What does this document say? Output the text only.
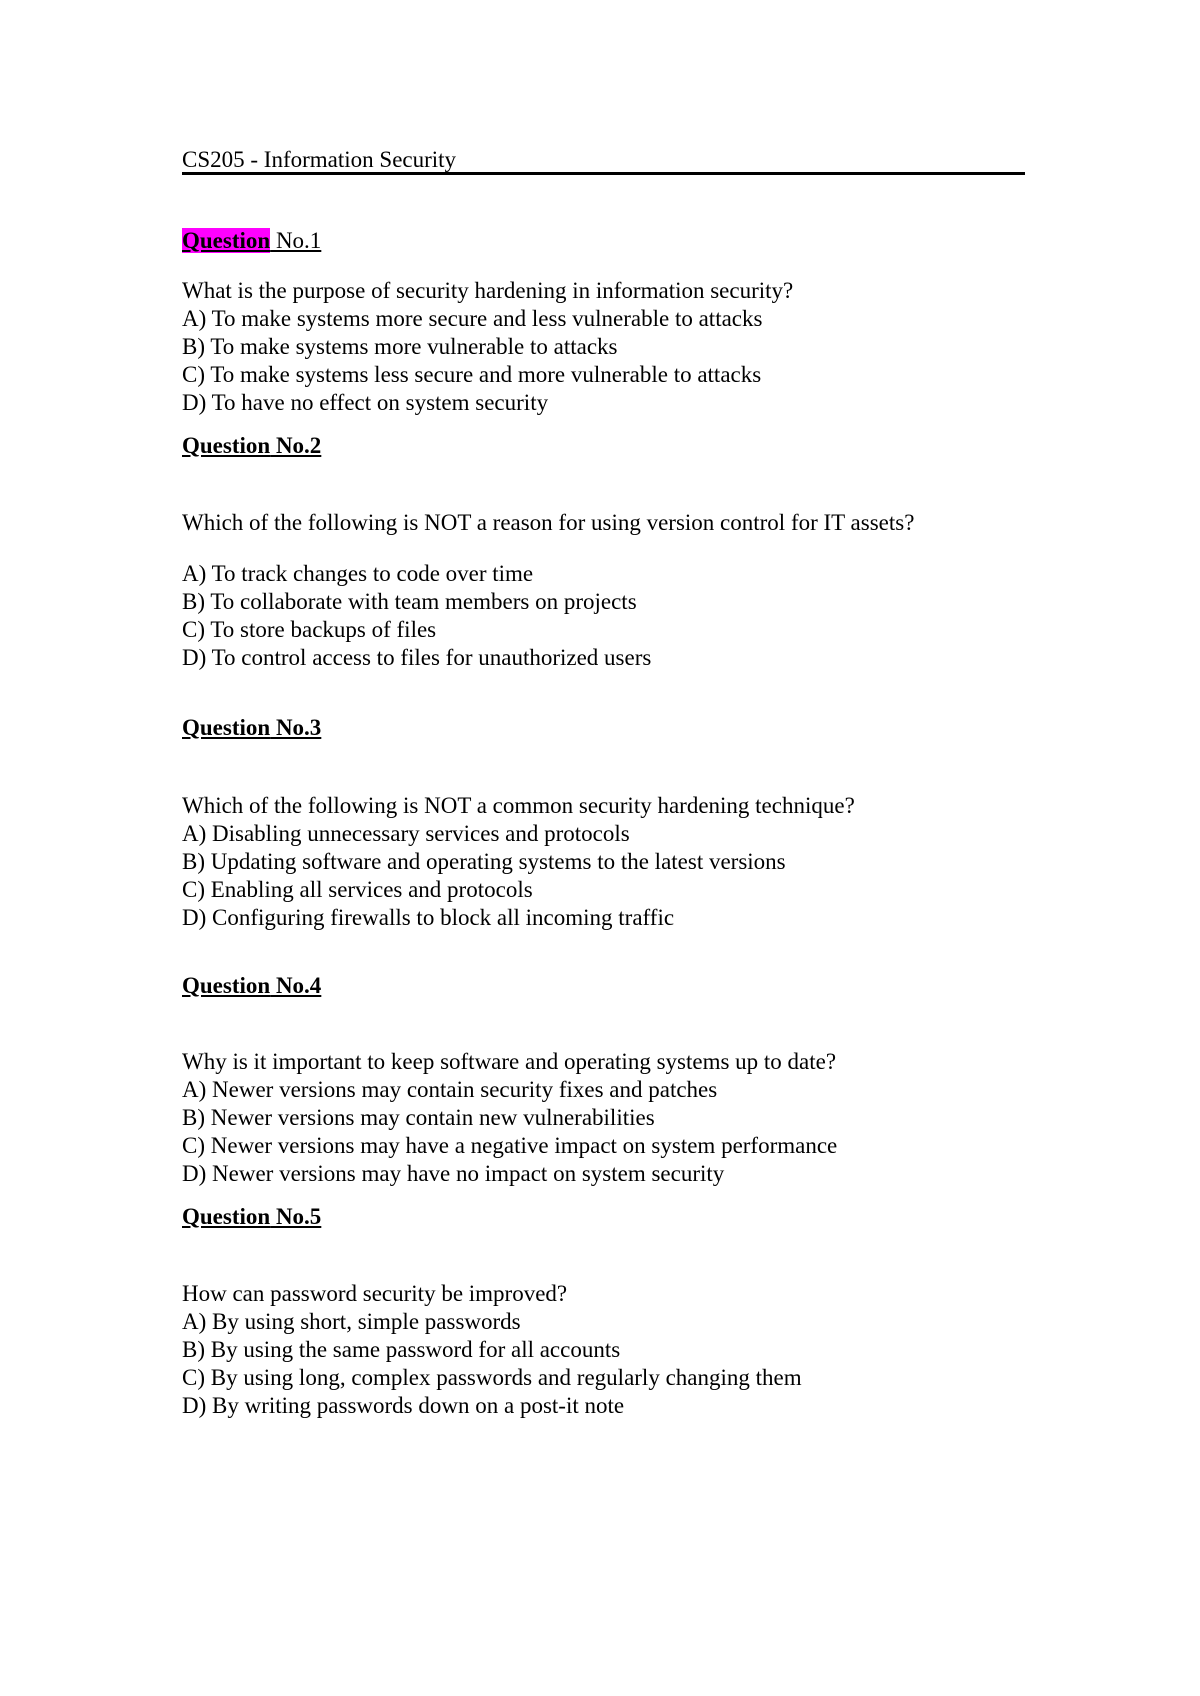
CS205 - Information Security
Question No.1
What is the purpose of security hardening in information security?
A) To make systems more secure and less vulnerable to attacks
B) To make systems more vulnerable to attacks
C) To make systems less secure and more vulnerable to attacks
D) To have no effect on system security
Question No.2
Which of the following is NOT a reason for using version control for IT assets?
A) To track changes to code over time
B) To collaborate with team members on projects
C) To store backups of files
D) To control access to files for unauthorized users
Question No.3
Which of the following is NOT a common security hardening technique?
A) Disabling unnecessary services and protocols
B) Updating software and operating systems to the latest versions
C) Enabling all services and protocols
D) Configuring firewalls to block all incoming traffic
Question No.4
Why is it important to keep software and operating systems up to date?
A) Newer versions may contain security fixes and patches
B) Newer versions may contain new vulnerabilities
C) Newer versions may have a negative impact on system performance
D) Newer versions may have no impact on system security
Question No.5
How can password security be improved?
A) By using short, simple passwords
B) By using the same password for all accounts
C) By using long, complex passwords and regularly changing them
D) By writing passwords down on a post-it note
